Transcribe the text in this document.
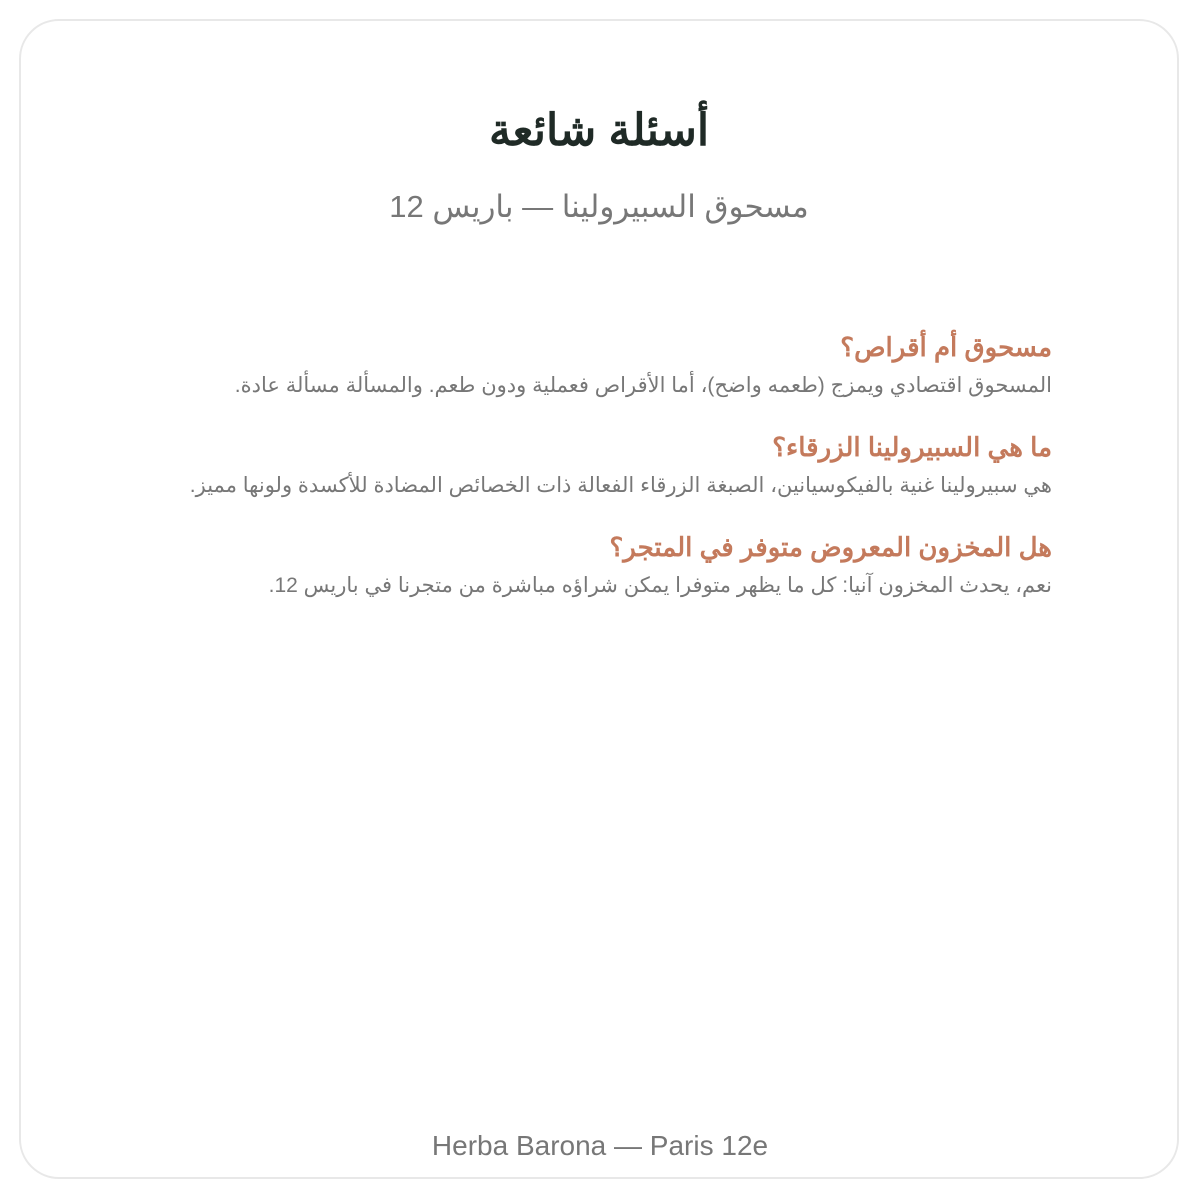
أسئلة شائعة
مسحوق السبيرولينا — باريس 12
مسحوق أم أقراص؟
المسحوق اقتصادي ويمزج (طعمه واضح)، أما الأقراص فعملية ودون طعم. والمسألة مسألة عادة.
ما هي السبيرولينا الزرقاء؟
هي سبيرولينا غنية بالفيكوسيانين، الصبغة الزرقاء الفعالة ذات الخصائص المضادة للأكسدة ولونها مميز.
هل المخزون المعروض متوفر في المتجر؟
نعم، يحدث المخزون آنيا: كل ما يظهر متوفرا يمكن شراؤه مباشرة من متجرنا في باريس 12.
Herba Barona — Paris 12e
